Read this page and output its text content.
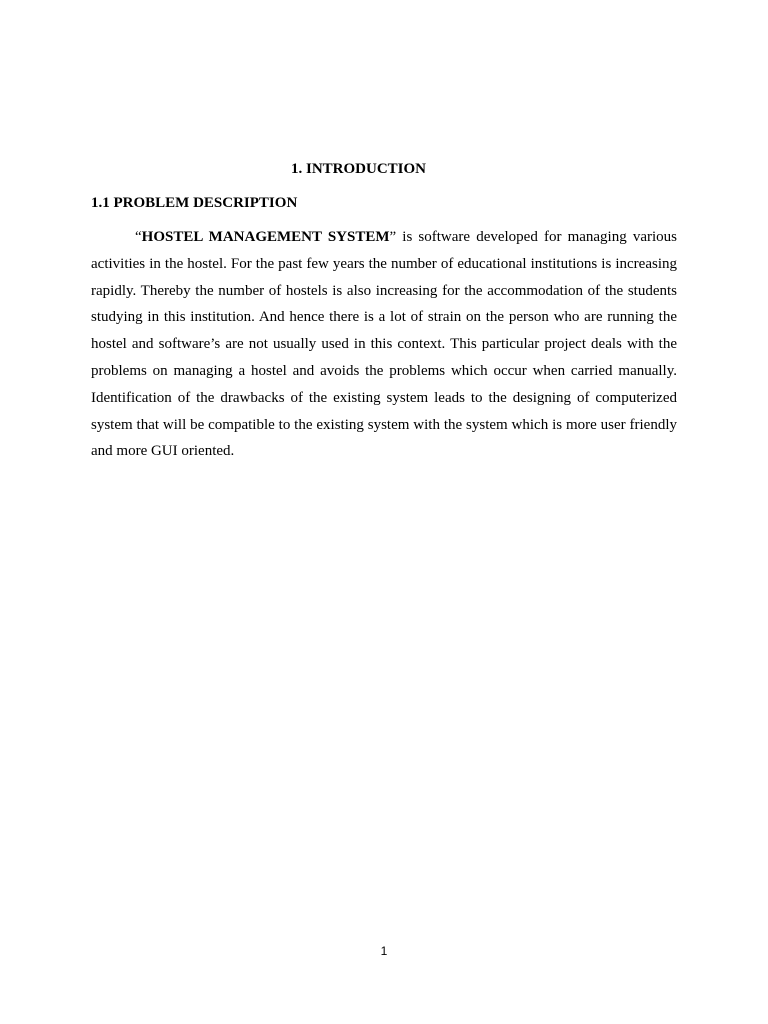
1. INTRODUCTION
1.1 PROBLEM DESCRIPTION

“HOSTEL MANAGEMENT SYSTEM” is software developed for managing various activities in the hostel. For the past few years the number of educational institutions is increasing rapidly. Thereby the number of hostels is also increasing for the accommodation of the students studying in this institution. And hence there is a lot of strain on the person who are running the hostel and software’s are not usually used in this context. This particular project deals with the problems on managing a hostel and avoids the problems which occur when carried manually. Identification of the drawbacks of the existing system leads to the designing of computerized system that will be compatible to the existing system with the system which is more user friendly and more GUI oriented.

1
